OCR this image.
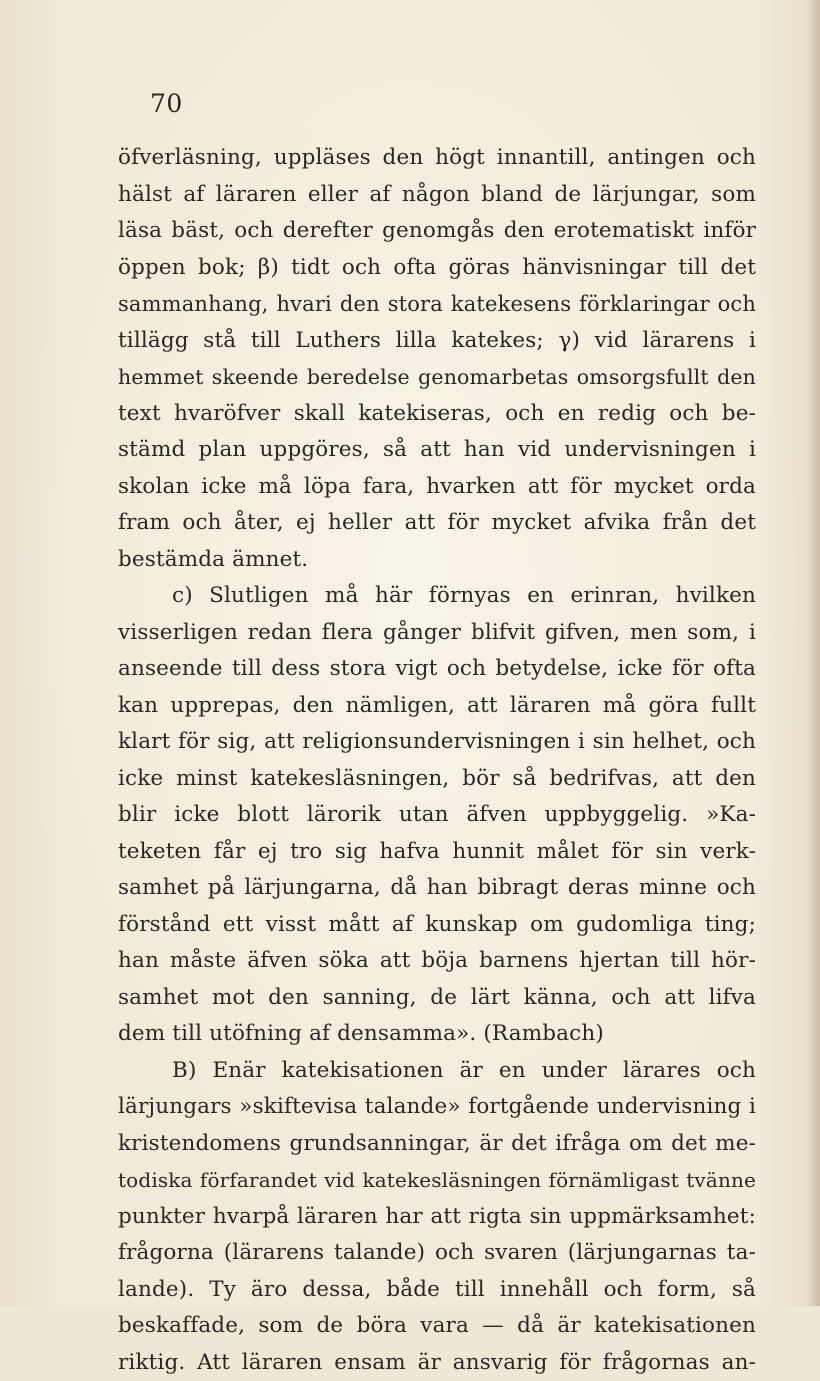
70
öfverläsning, uppläses den högt innantill, antingen och
hälst af läraren eller af någon bland de lärjungar, som
läsa bäst, och derefter genomgås den erotematiskt inför
öppen bok; β) tidt och ofta göras hänvisningar till det
sammanhang, hvari den stora katekesens förklaringar och
tillägg stå till Luthers lilla katekes; γ) vid lärarens i
hemmet skeende beredelse genomarbetas omsorgsfullt den
text hvaröfver skall katekiseras, och en redig och be-
stämd plan uppgöres, så att han vid undervisningen i
skolan icke må löpa fara, hvarken att för mycket orda
fram och åter, ej heller att för mycket afvika från det
bestämda ämnet.
c) Slutligen må här förnyas en erinran, hvilken
visserligen redan flera gånger blifvit gifven, men som, i
anseende till dess stora vigt och betydelse, icke för ofta
kan upprepas, den nämligen, att läraren må göra fullt
klart för sig, att religionsundervisningen i sin helhet, och
icke minst katekesläsningen, bör så bedrifvas, att den
blir icke blott lärorik utan äfven uppbyggelig. »Ka-
teketen får ej tro sig hafva hunnit målet för sin verk-
samhet på lärjungarna, då han bibragt deras minne och
förstånd ett visst mått af kunskap om gudomliga ting;
han måste äfven söka att böja barnens hjertan till hör-
samhet mot den sanning, de lärt känna, och att lifva
dem till utöfning af densamma». (Rambach)
B) Enär katekisationen är en under lärares och
lärjungars »skiftevisa talande» fortgående undervisning i
kristendomens grundsanningar, är det ifråga om det me-
todiska förfarandet vid katekesläsningen förnämligast tvänne
punkter hvarpå läraren har att rigta sin uppmärksamhet:
frågorna (lärarens talande) och svaren (lärjungarnas ta-
lande). Ty äro dessa, både till innehåll och form, så
beskaffade, som de böra vara — då är katekisationen
riktig. Att läraren ensam är ansvarig för frågornas an-
